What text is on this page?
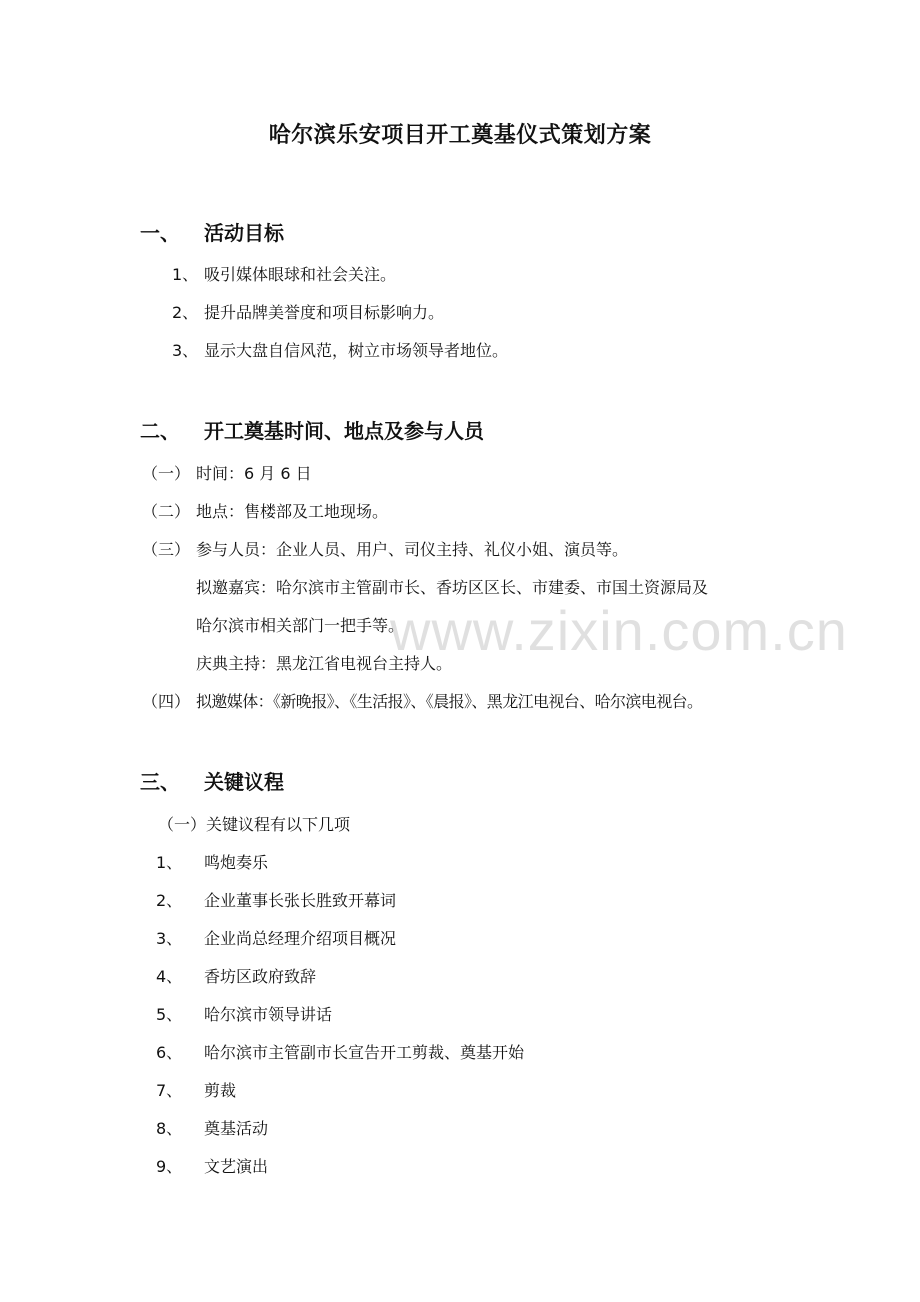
哈尔滨乐安项目开工奠基仪式策划方案
一、 活动目标
1、 吸引媒体眼球和社会关注。
2、 提升品牌美誉度和项目标影响力。
3、 显示大盘自信风范，树立市场领导者地位。
二、 开工奠基时间、地点及参与人员
（一） 时间：6 月 6 日
（二） 地点：售楼部及工地现场。
（三） 参与人员：企业人员、用户、司仪主持、礼仪小姐、演员等。
拟邀嘉宾：哈尔滨市主管副市长、香坊区区长、市建委、市国土资源局及
哈尔滨市相关部门一把手等。
庆典主持：黑龙江省电视台主持人。
（四） 拟邀媒体：《新晚报》、《生活报》、《晨报》、黑龙江电视台、哈尔滨电视台。
三、 关键议程
（一）关键议程有以下几项
1、 鸣炮奏乐
2、 企业董事长张长胜致开幕词
3、 企业尚总经理介绍项目概况
4、 香坊区政府致辞
5、 哈尔滨市领导讲话
6、 哈尔滨市主管副市长宣告开工剪裁、奠基开始
7、 剪裁
8、 奠基活动
9、 文艺演出
www.zixin.com.cn
